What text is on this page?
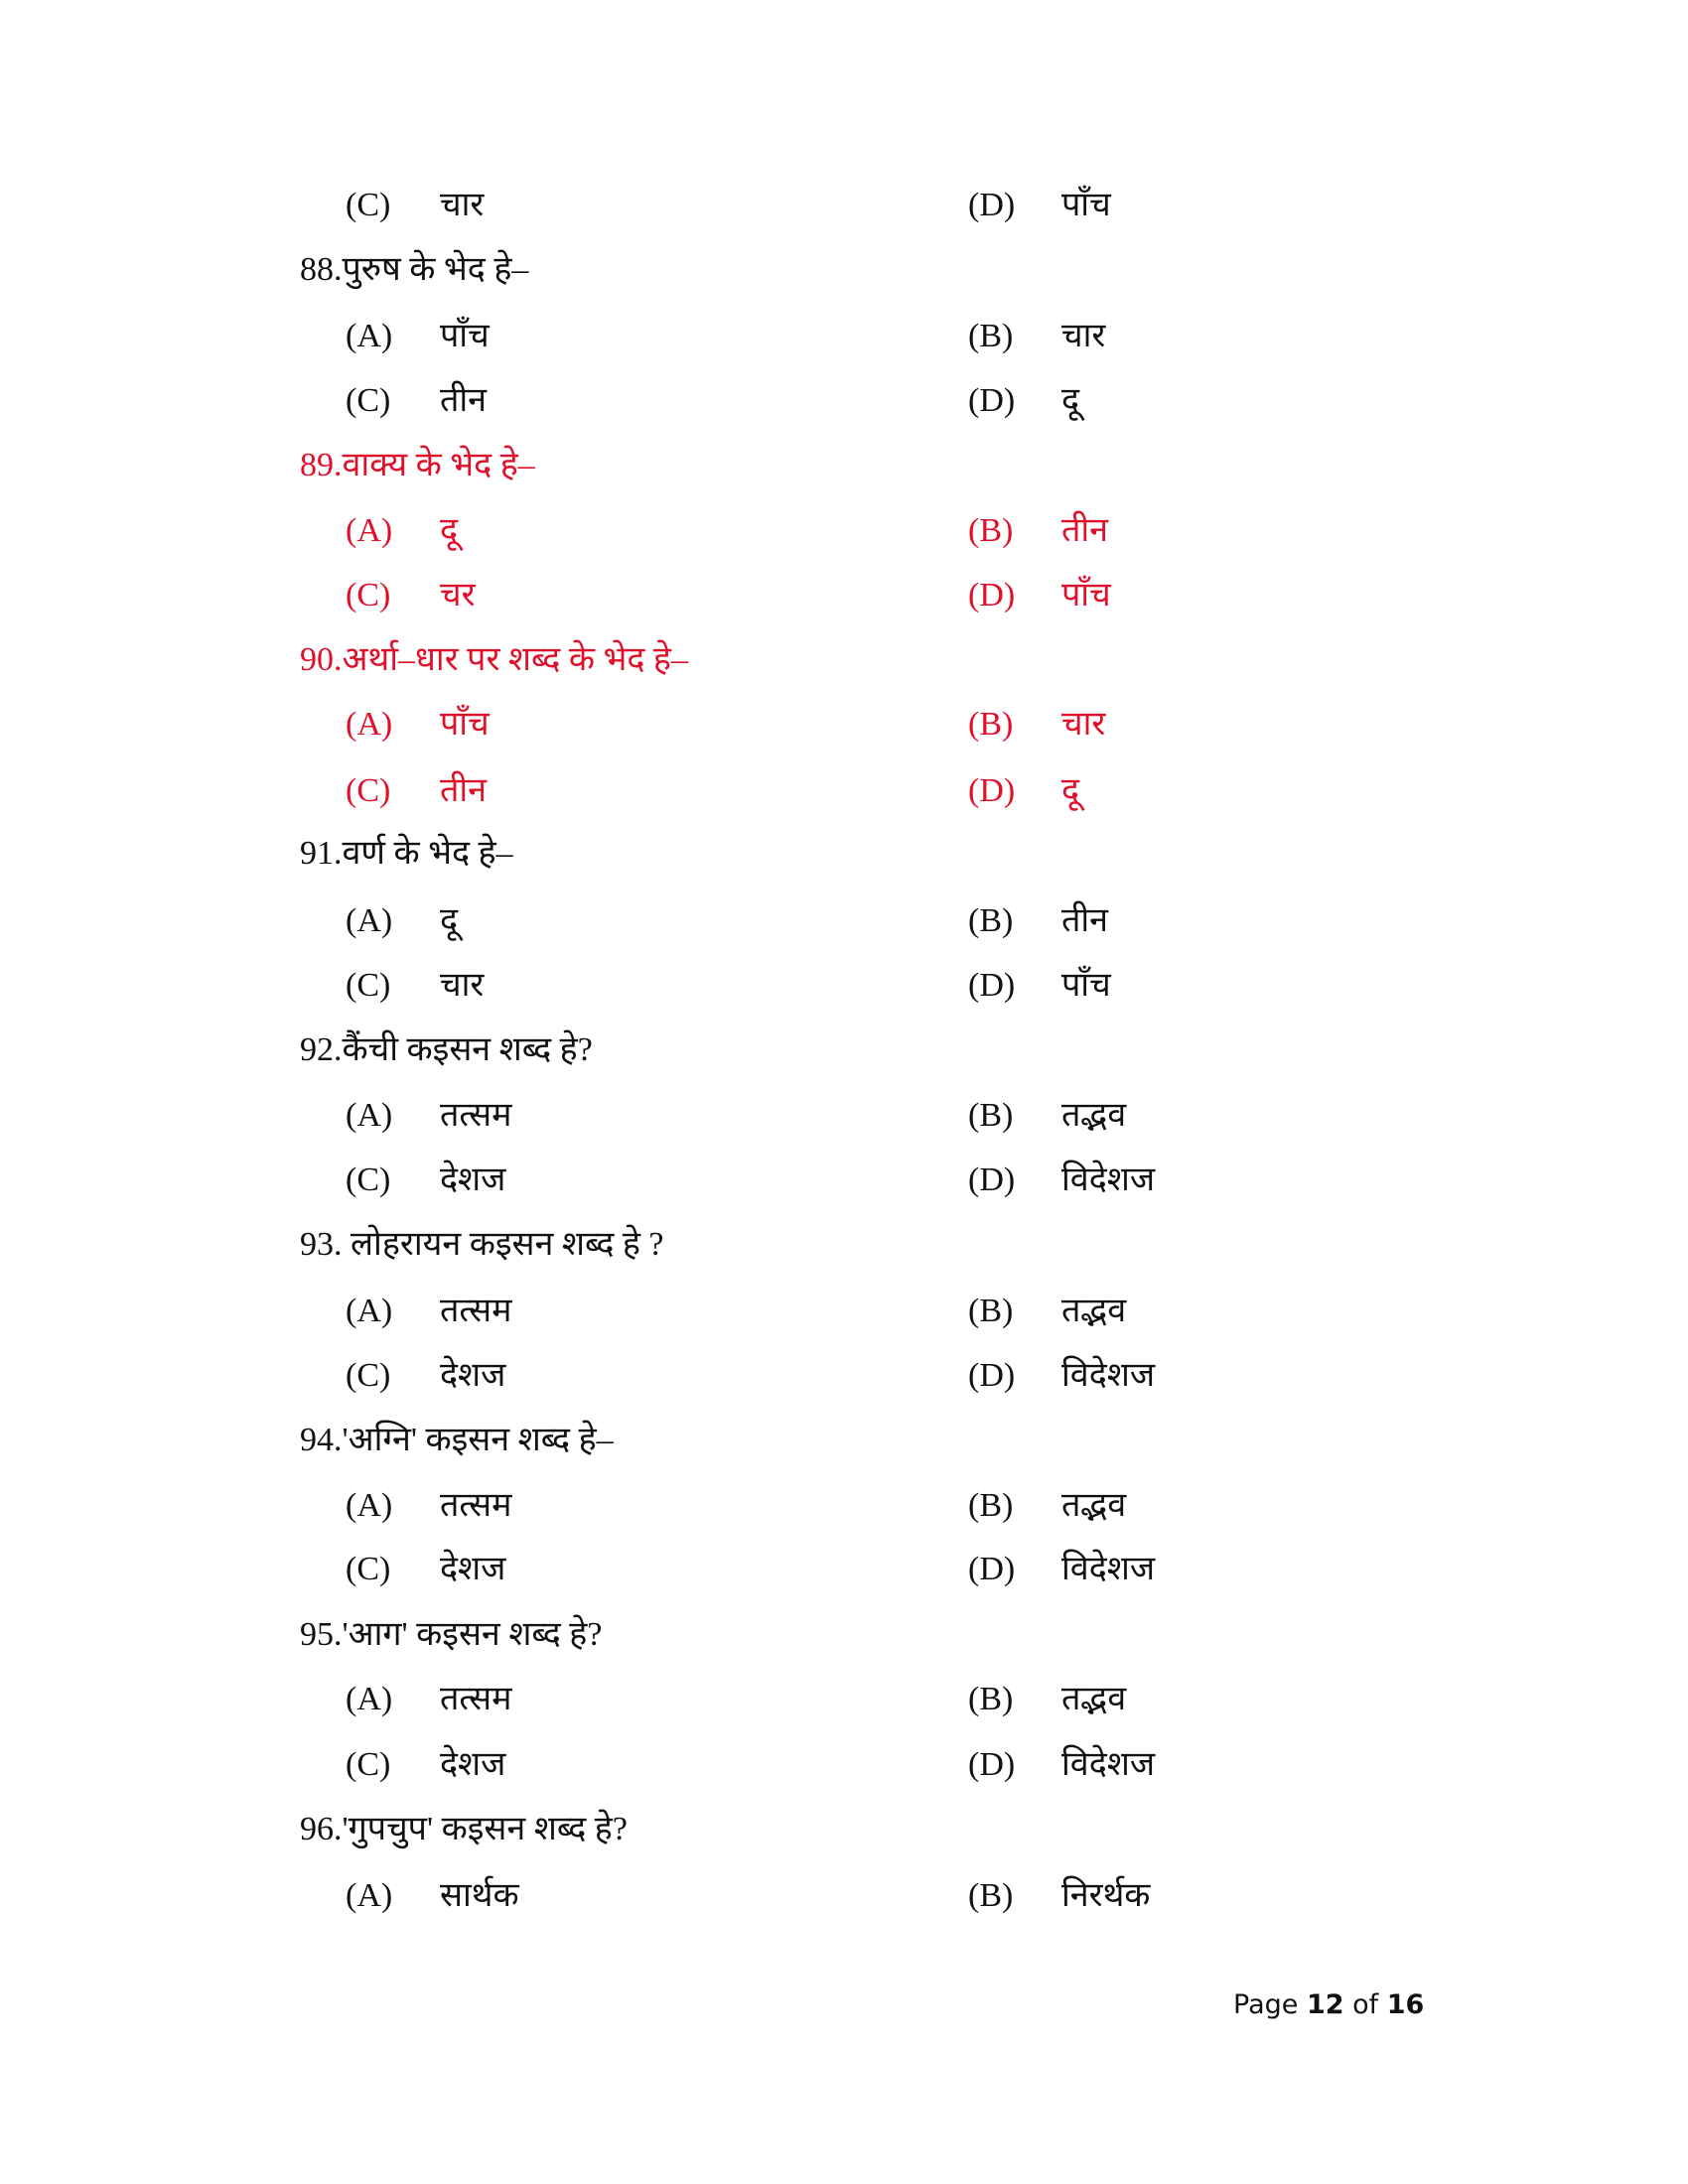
(C) चार	(D) पाँच
88.पुरुष के भेद हे–
(A) पाँच	(B) चार
(C) तीन	(D) दू
89.वाक्य के भेद हे–
(A) दू	(B) तीन
(C) चर	(D) पाँच
90.अर्था–धार पर शब्द के भेद हे–
(A) पाँच	(B) चार
(C) तीन	(D) दू
91.वर्ण के भेद हे–
(A) दू	(B) तीन
(C) चार	(D) पाँच
92.कैंची कइसन शब्द हे?
(A) तत्सम	(B) तद्भव
(C) देशज	(D) विदेशज
93. लोहरायन कइसन शब्द हे ?
(A) तत्सम	(B) तद्भव
(C) देशज	(D) विदेशज
94.'अग्नि' कइसन शब्द हे–
(A) तत्सम	(B) तद्भव
(C) देशज	(D) विदेशज
95.'आग' कइसन शब्द हे?
(A) तत्सम	(B) तद्भव
(C) देशज	(D) विदेशज
96.'गुपचुप' कइसन शब्द हे?
(A) सार्थक	(B) निरर्थक
Page 12 of 16
